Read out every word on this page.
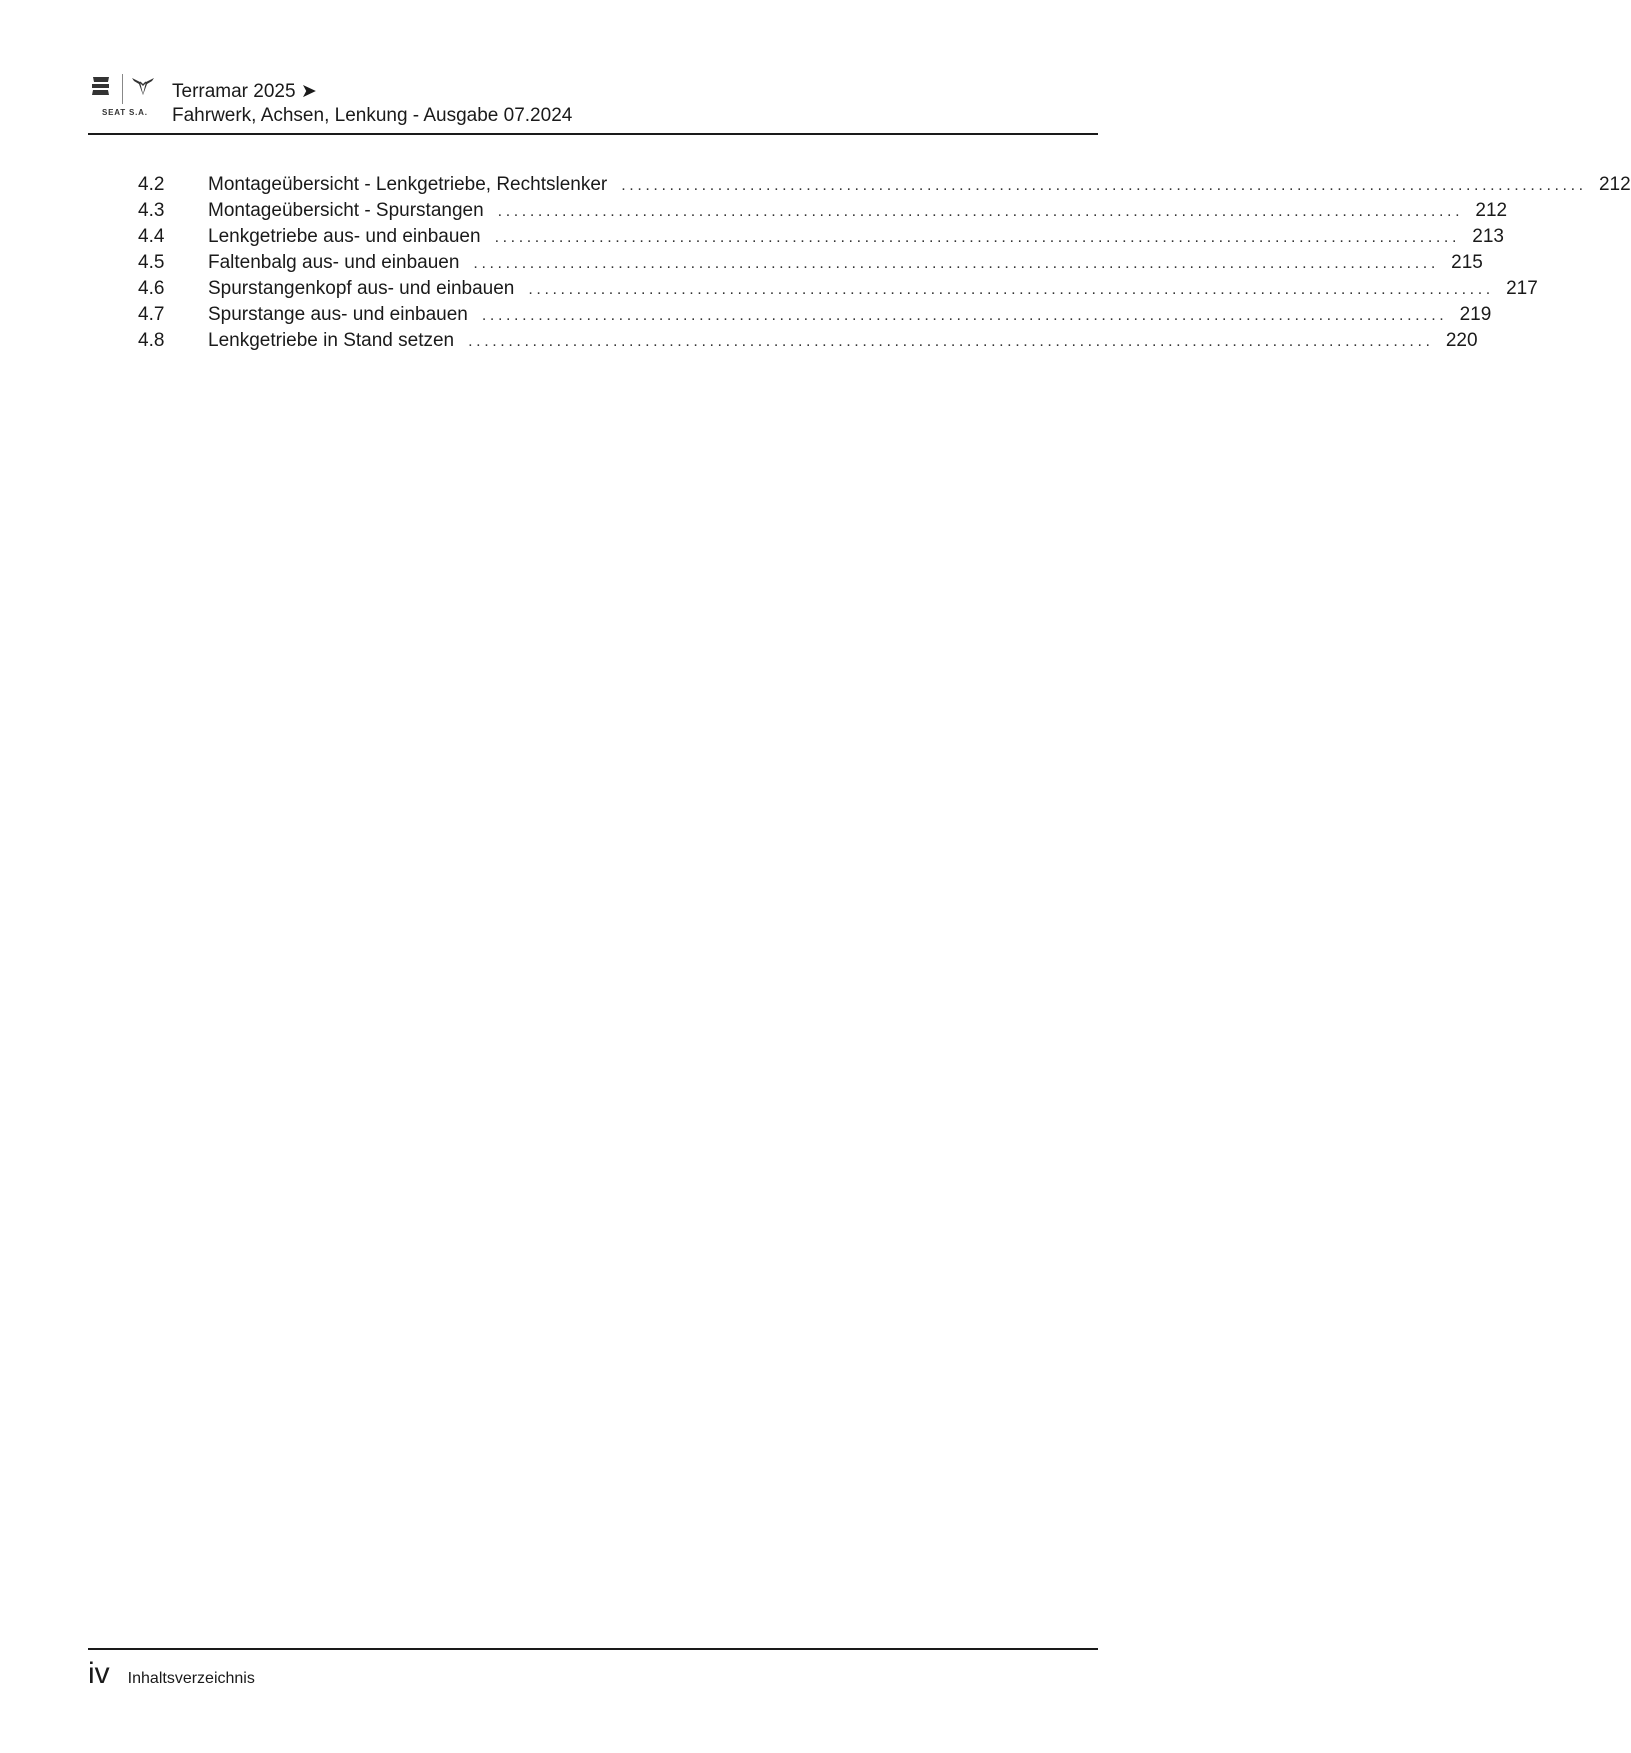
SEAT S.A.
Terramar 2025 ➤
Fahrwerk, Achsen, Lenkung - Ausgabe 07.2024
4.2	Montageübersicht - Lenkgetriebe, Rechtslenker ........................................................................................................................ 212
4.3	Montageübersicht - Spurstangen ........................................................................................................................ 212
4.4	Lenkgetriebe aus- und einbauen ........................................................................................................................ 213
4.5	Faltenbalg aus- und einbauen ........................................................................................................................ 215
4.6	Spurstangenkopf aus- und einbauen ........................................................................................................................ 217
4.7	Spurstange aus- und einbauen ........................................................................................................................ 219
4.8	Lenkgetriebe in Stand setzen ........................................................................................................................ 220
iv Inhaltsverzeichnis
